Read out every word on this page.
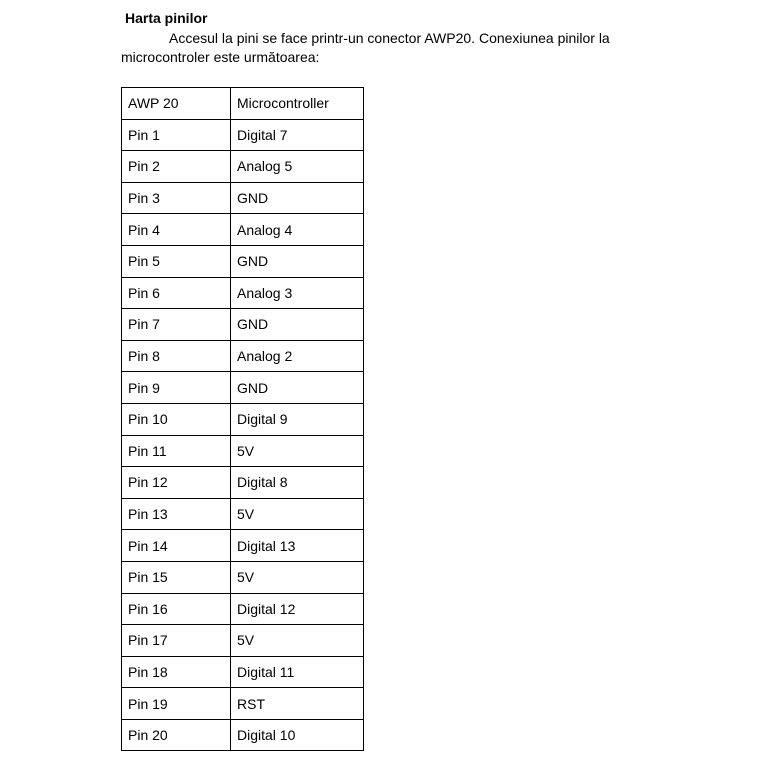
Harta pinilor
Accesul la pini se face printr-un conector AWP20. Conexiunea pinilor la microcontroler este următoarea:
AWP 20	Microcontroller
Pin 1	Digital 7
Pin 2	Analog 5
Pin 3	GND
Pin 4	Analog 4
Pin 5	GND
Pin 6	Analog 3
Pin 7	GND
Pin 8	Analog 2
Pin 9	GND
Pin 10	Digital 9
Pin 11	5V
Pin 12	Digital 8
Pin 13	5V
Pin 14	Digital 13
Pin 15	5V
Pin 16	Digital 12
Pin 17	5V
Pin 18	Digital 11
Pin 19	RST
Pin 20	Digital 10
